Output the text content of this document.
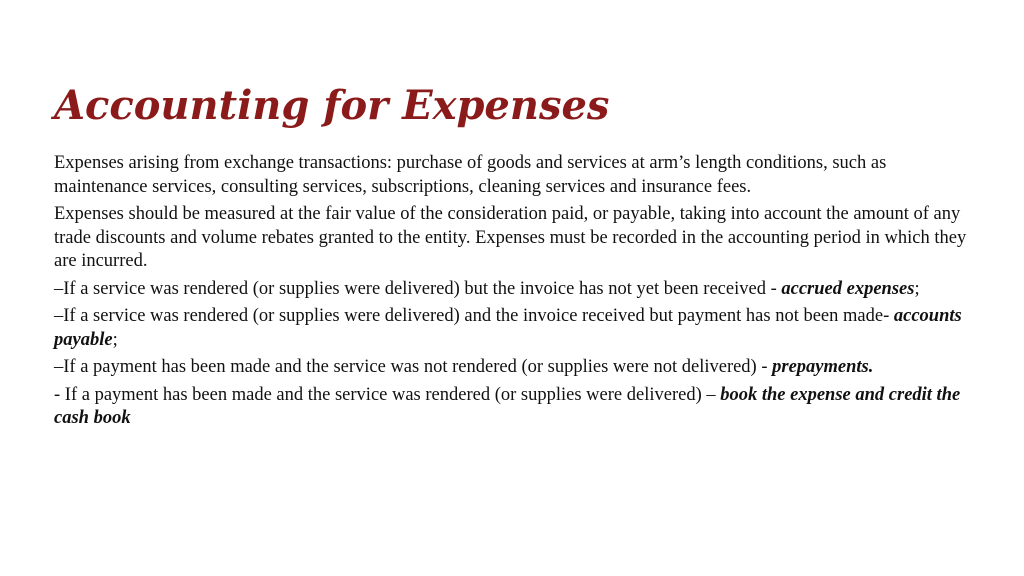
Accounting for Expenses

Expenses arising from exchange transactions: purchase of goods and services at arm’s length conditions, such as maintenance services, consulting services, subscriptions, cleaning services and insurance fees.

Expenses should be measured at the fair value of the consideration paid, or payable, taking into account the amount of any trade discounts and volume rebates granted to the entity. Expenses must be recorded in the accounting period in which they are incurred.

–If a service was rendered (or supplies were delivered) but the invoice has not yet been received - accrued expenses;

–If a service was rendered (or supplies were delivered) and the invoice received but payment has not been made- accounts payable;

–If a payment has been made and the service was not rendered (or supplies were not delivered) - prepayments.

- If a payment has been made and the service was rendered (or supplies were delivered) – book the expense and credit the cash book
